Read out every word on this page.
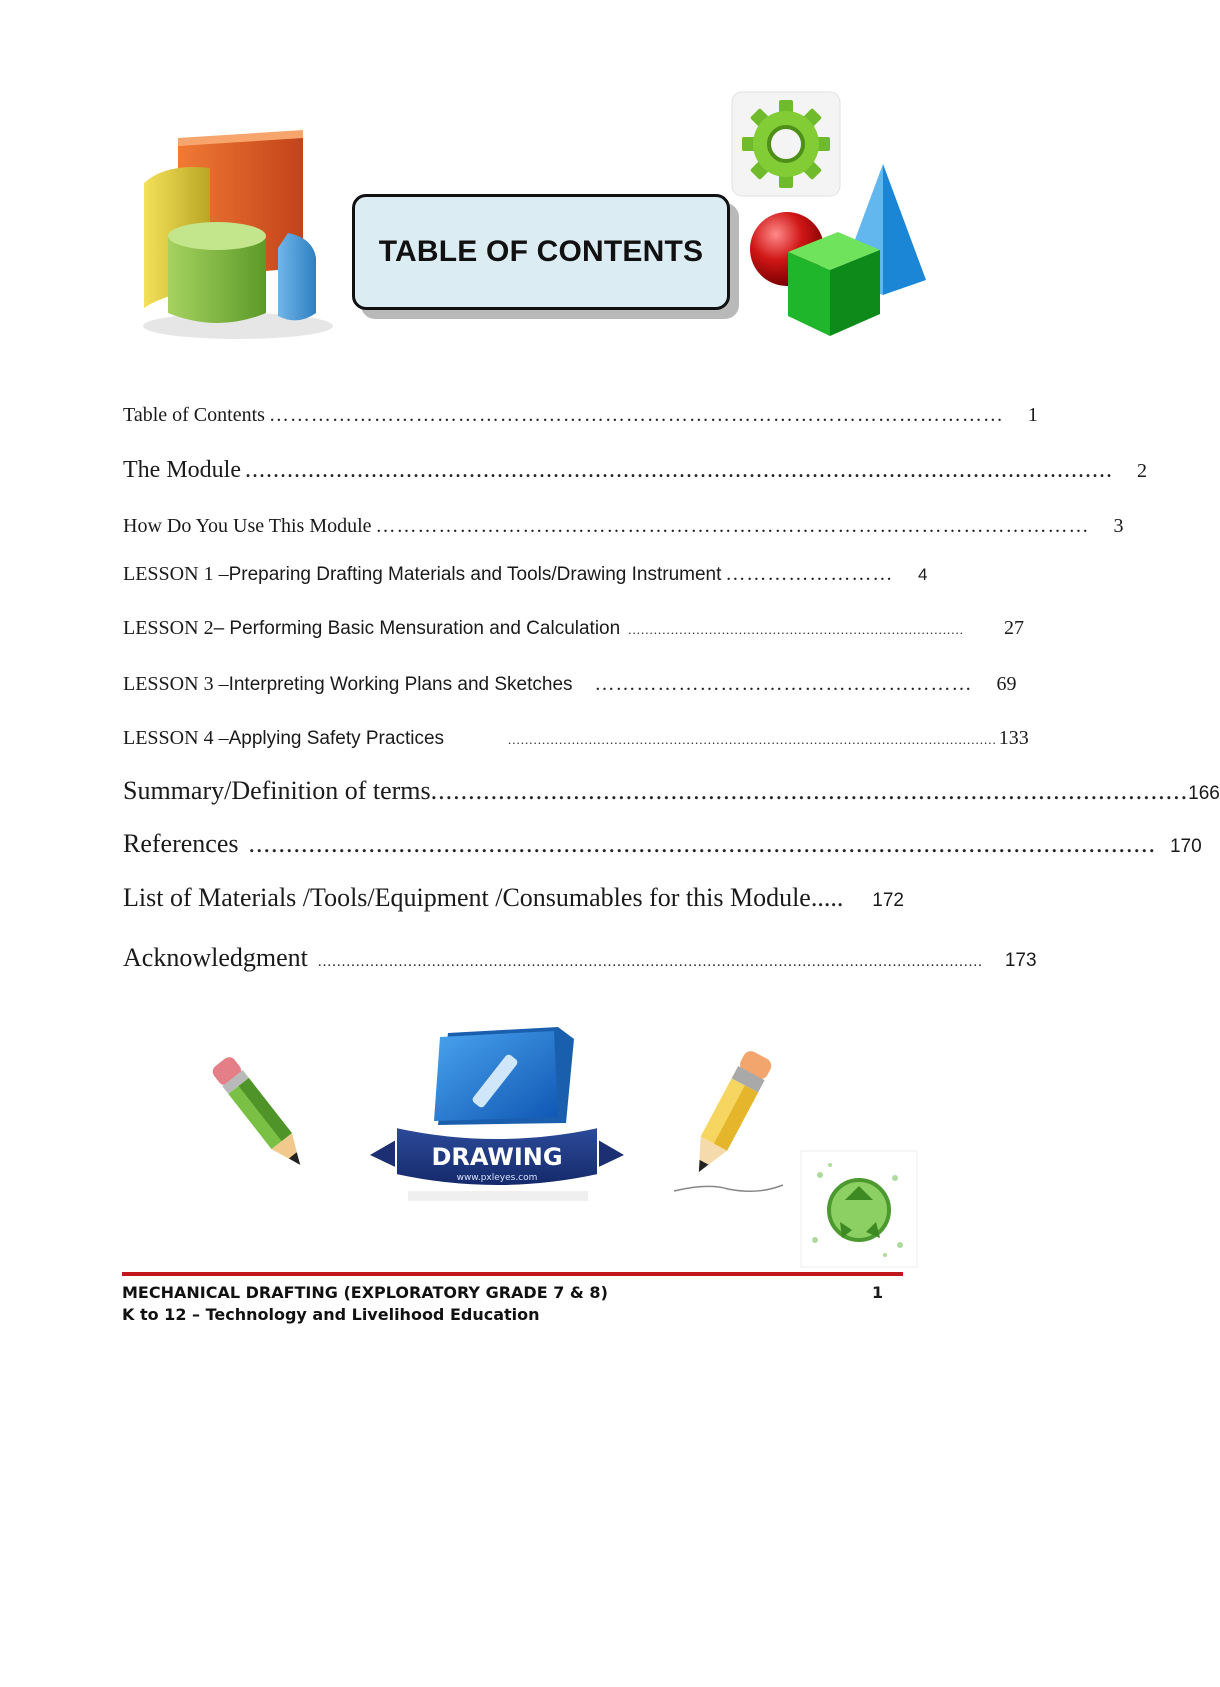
TABLE OF CONTENTS
Table of Contents ……………………………………………………………………………………………	1
The Module ............................................................................................................................	2
How Do You Use This Module …………………………………………………………………………………………	3
LESSON 1 – Preparing Drafting Materials and Tools/Drawing Instrument ……………………	4
LESSON 2 – Performing Basic Mensuration and Calculation ...............................................................................	27
LESSON 3 – Interpreting Working Plans and Sketches ………………………………………………	69
LESSON 4 – Applying Safety Practices	................................................................................................................... 133
Summary/Definition of terms ..................................................................................................... 166
References ......................................................................................................................... 170
List of Materials /Tools/Equipment /Consumables for this Module .....	172
Acknowledgment ............................................................................................................................................ 173
DRAWING
www.pxleyes.com
MECHANICAL DRAFTING (EXPLORATORY GRADE 7 & 8)
K to 12 – Technology and Livelihood Education
1
